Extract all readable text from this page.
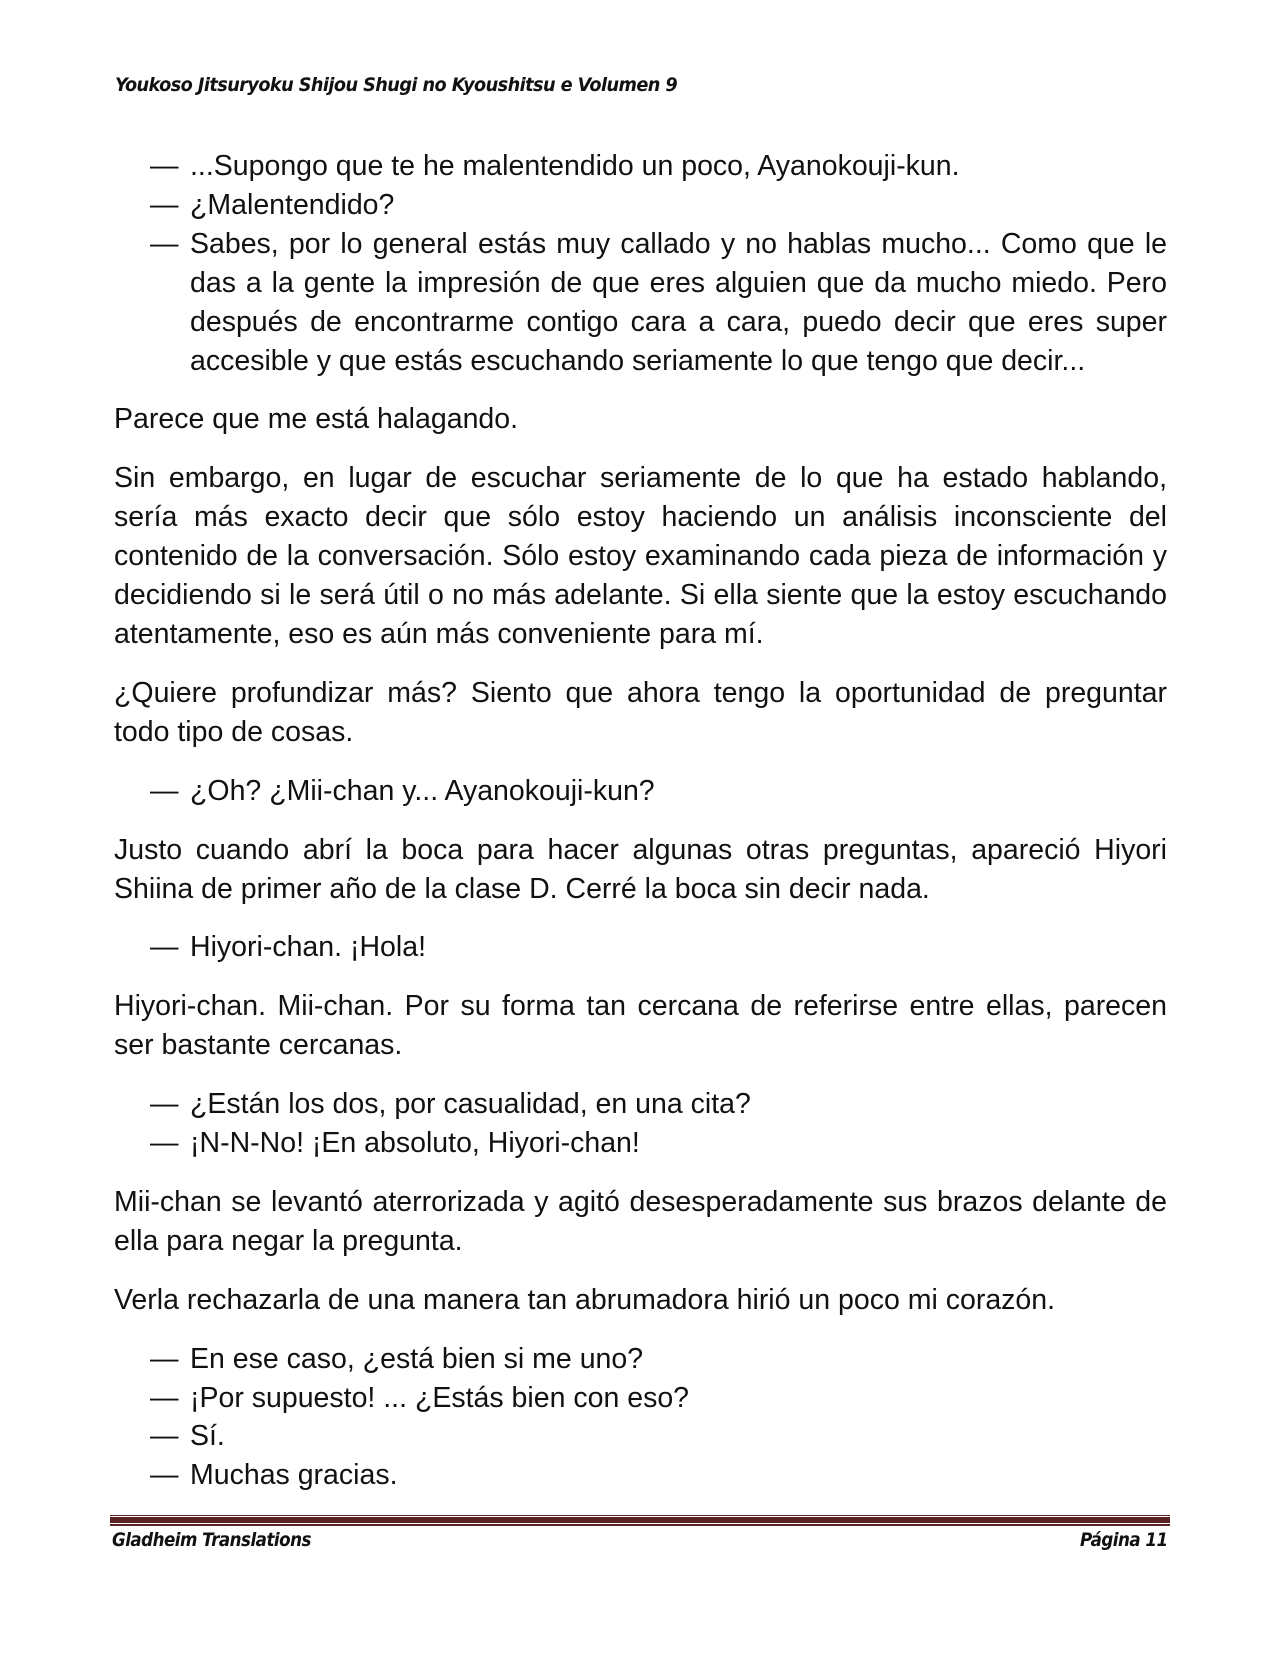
Youkoso Jitsuryoku Shijou Shugi no Kyoushitsu e Volumen 9
— ...Supongo que te he malentendido un poco, Ayanokouji-kun.
— ¿Malentendido?
— Sabes, por lo general estás muy callado y no hablas mucho... Como que le das a la gente la impresión de que eres alguien que da mucho miedo. Pero después de encontrarme contigo cara a cara, puedo decir que eres super accesible y que estás escuchando seriamente lo que tengo que decir...

Parece que me está halagando.

Sin embargo, en lugar de escuchar seriamente de lo que ha estado hablando, sería más exacto decir que sólo estoy haciendo un análisis inconsciente del contenido de la conversación. Sólo estoy examinando cada pieza de información y decidiendo si le será útil o no más adelante. Si ella siente que la estoy escuchando atentamente, eso es aún más conveniente para mí.

¿Quiere profundizar más? Siento que ahora tengo la oportunidad de preguntar todo tipo de cosas.

— ¿Oh? ¿Mii-chan y... Ayanokouji-kun?

Justo cuando abrí la boca para hacer algunas otras preguntas, apareció Hiyori Shiina de primer año de la clase D. Cerré la boca sin decir nada.

— Hiyori-chan. ¡Hola!

Hiyori-chan. Mii-chan. Por su forma tan cercana de referirse entre ellas, parecen ser bastante cercanas.

— ¿Están los dos, por casualidad, en una cita?
— ¡N-N-No! ¡En absoluto, Hiyori-chan!

Mii-chan se levantó aterrorizada y agitó desesperadamente sus brazos delante de ella para negar la pregunta.

Verla rechazarla de una manera tan abrumadora hirió un poco mi corazón.

— En ese caso, ¿está bien si me uno?
— ¡Por supuesto! ... ¿Estás bien con eso?
— Sí.
— Muchas gracias.
Gladheim Translations	Página 11
